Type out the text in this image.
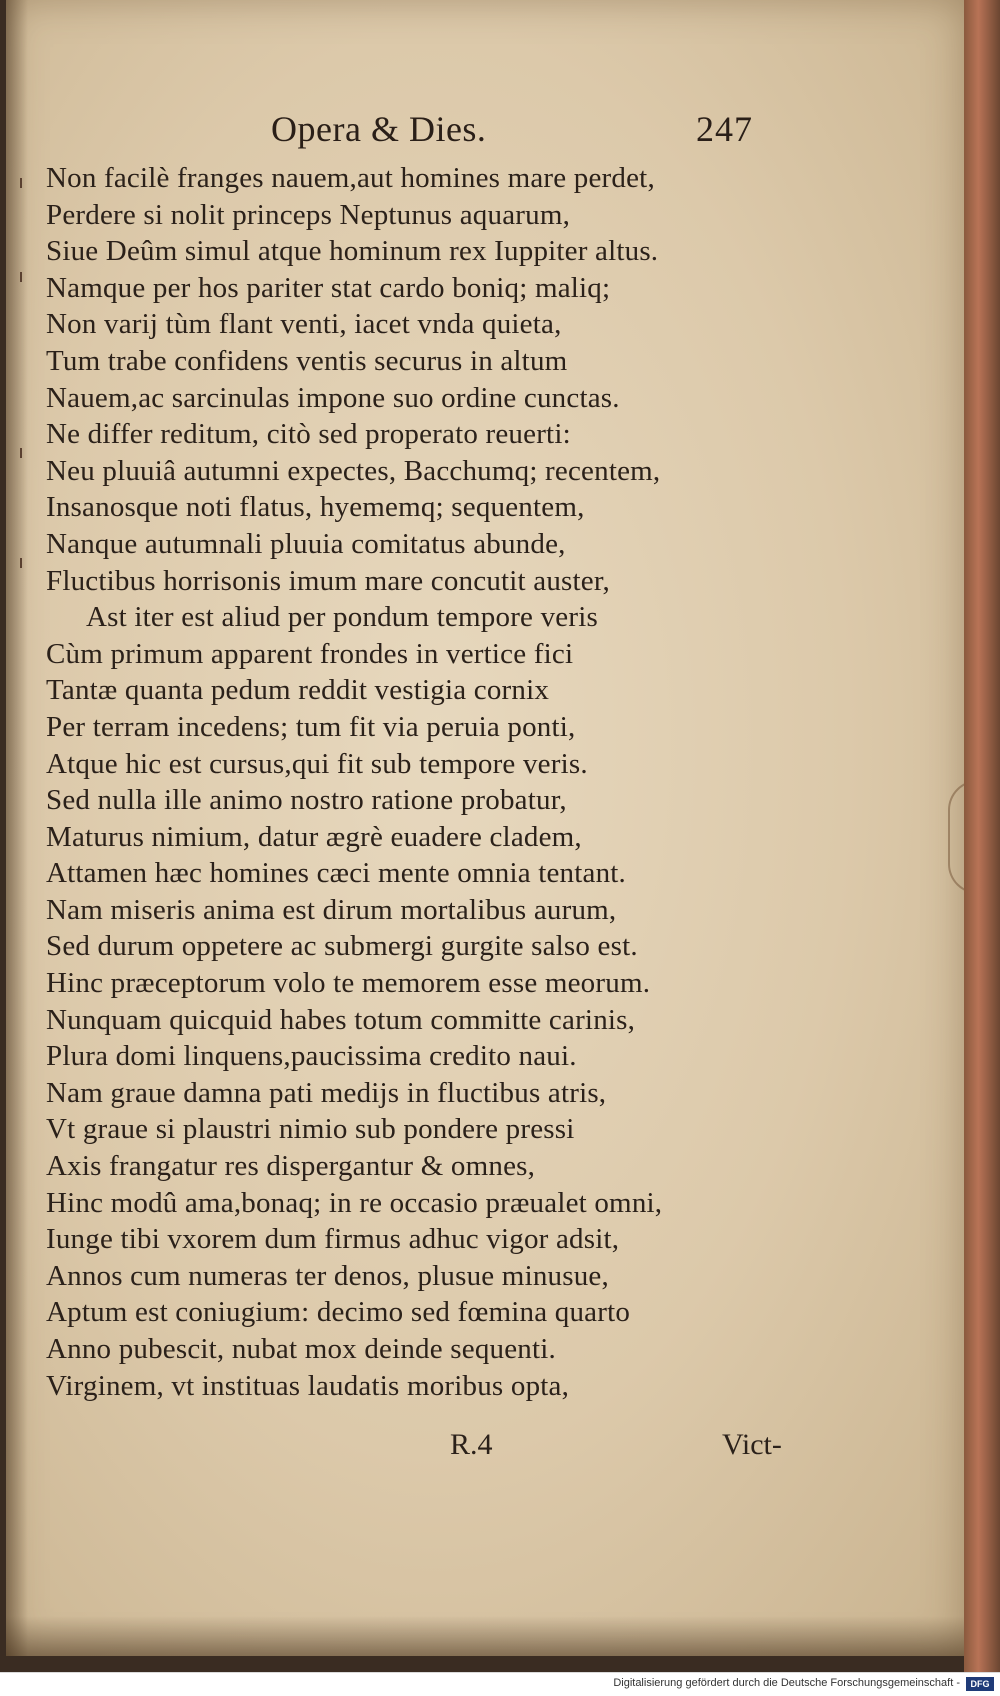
Opera & Dies.	247
Non facilè franges nauem,aut homines mare perdet,
Perdere si nolit princeps Neptunus aquarum,
Siue Deûm simul atque hominum rex Iuppiter altus.
Namque per hos pariter stat cardo boniq; maliq;
Non varij tùm flant venti, iacet vnda quieta,
Tum trabe confidens ventis securus in altum
Nauem,ac sarcinulas impone suo ordine cunctas.
Ne differ reditum, citò sed properato reuerti:
Neu pluuiâ autumni expectes, Bacchumq; recentem,
Insanosque noti flatus, hyememq; sequentem,
Nanque autumnali pluuia comitatus abunde,
Fluctibus horrisonis imum mare concutit auster,
Ast iter est aliud per pondum tempore veris
Cùm primum apparent frondes in vertice fici
Tantæ quanta pedum reddit vestigia cornix
Per terram incedens; tum fit via peruia ponti,
Atque hic est cursus,qui fit sub tempore veris.
Sed nulla ille animo nostro ratione probatur,
Maturus nimium, datur ægrè euadere cladem,
Attamen hæc homines cæci mente omnia tentant.
Nam miseris anima est dirum mortalibus aurum,
Sed durum oppetere ac submergi gurgite salso est.
Hinc præceptorum volo te memorem esse meorum.
Nunquam quicquid habes totum committe carinis,
Plura domi linquens,paucissima credito naui.
Nam graue damna pati medijs in fluctibus atris,
Vt graue si plaustri nimio sub pondere pressi
Axis frangatur res dispergantur & omnes,
Hinc modû ama,bonaq; in re occasio præualet omni,
Iunge tibi vxorem dum firmus adhuc vigor adsit,
Annos cum numeras ter denos, plusue minusue,
Aptum est coniugium: decimo sed fœmina quarto
Anno pubescit, nubat mox deinde sequenti.
Virginem, vt instituas laudatis moribus opta,
R.4	Vict-
Digitalisierung gefördert durch die Deutsche Forschungsgemeinschaft -	DFG
